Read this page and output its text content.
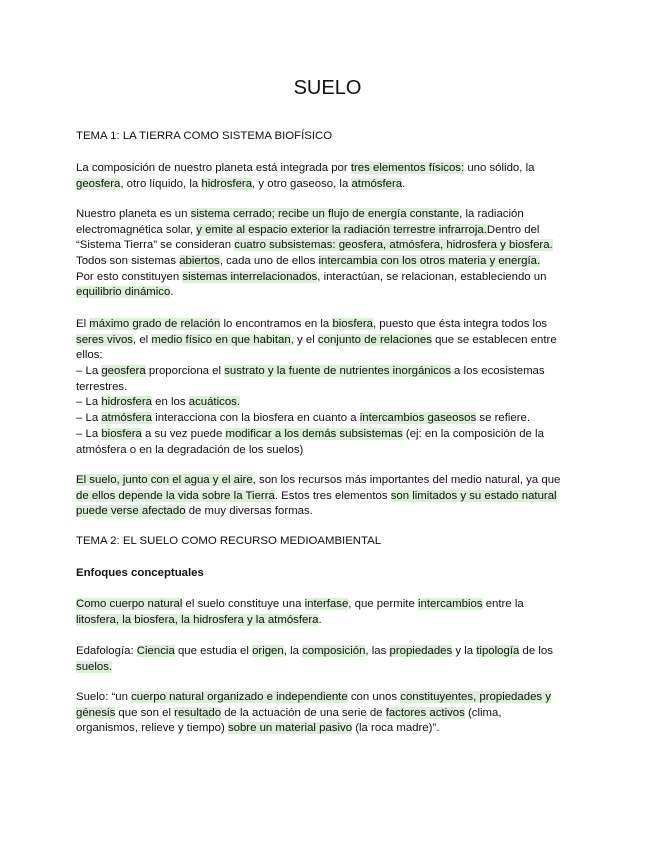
SUELO
TEMA 1: LA TIERRA COMO SISTEMA BIOFÍSICO
La composición de nuestro planeta está integrada por tres elementos físicos: uno sólido, la
geosfera, otro líquido, la hidrosfera, y otro gaseoso, la atmósfera.
Nuestro planeta es un sistema cerrado; recibe un flujo de energía constante, la radiación
electromagnética solar, y emite al espacio exterior la radiación terrestre infrarroja.Dentro del
“Sistema Tierra” se consideran cuatro subsistemas: geosfera, atmósfera, hidrosfera y biosfera.
Todos son sistemas abiertos, cada uno de ellos intercambia con los otros materia y energía.
Por esto constituyen sistemas interrelacionados, interactúan, se relacionan, estableciendo un
equilibrio dinámico.
El máximo grado de relación lo encontramos en la biosfera, puesto que ésta integra todos los
seres vivos, el medio físico en que habitan, y el conjunto de relaciones que se establecen entre
ellos:
– La geosfera proporciona el sustrato y la fuente de nutrientes inorgánicos a los ecosistemas
terrestres.
– La hidrosfera en los acuáticos.
– La atmósfera interacciona con la biosfera en cuanto a intercambios gaseosos se refiere.
– La biosfera a su vez puede modificar a los demás subsistemas (ej: en la composición de la
atmósfera o en la degradación de los suelos)
El suelo, junto con el agua y el aire, son los recursos más importantes del medio natural, ya que
de ellos depende la vida sobre la Tierra. Estos tres elementos son limitados y su estado natural
puede verse afectado de muy diversas formas.
TEMA 2: EL SUELO COMO RECURSO MEDIOAMBIENTAL
Enfoques conceptuales
Como cuerpo natural el suelo constituye una interfase, que permite intercambios entre la
litosfera, la biosfera, la hidrosfera y la atmósfera.
Edafología: Ciencia que estudia el origen, la composición, las propiedades y la tipología de los
suelos.
Suelo: “un cuerpo natural organizado e independiente con unos constituyentes, propiedades y
génesis que son el resultado de la actuación de una serie de factores activos (clima,
organismos, relieve y tiempo) sobre un material pasivo (la roca madre)”.
